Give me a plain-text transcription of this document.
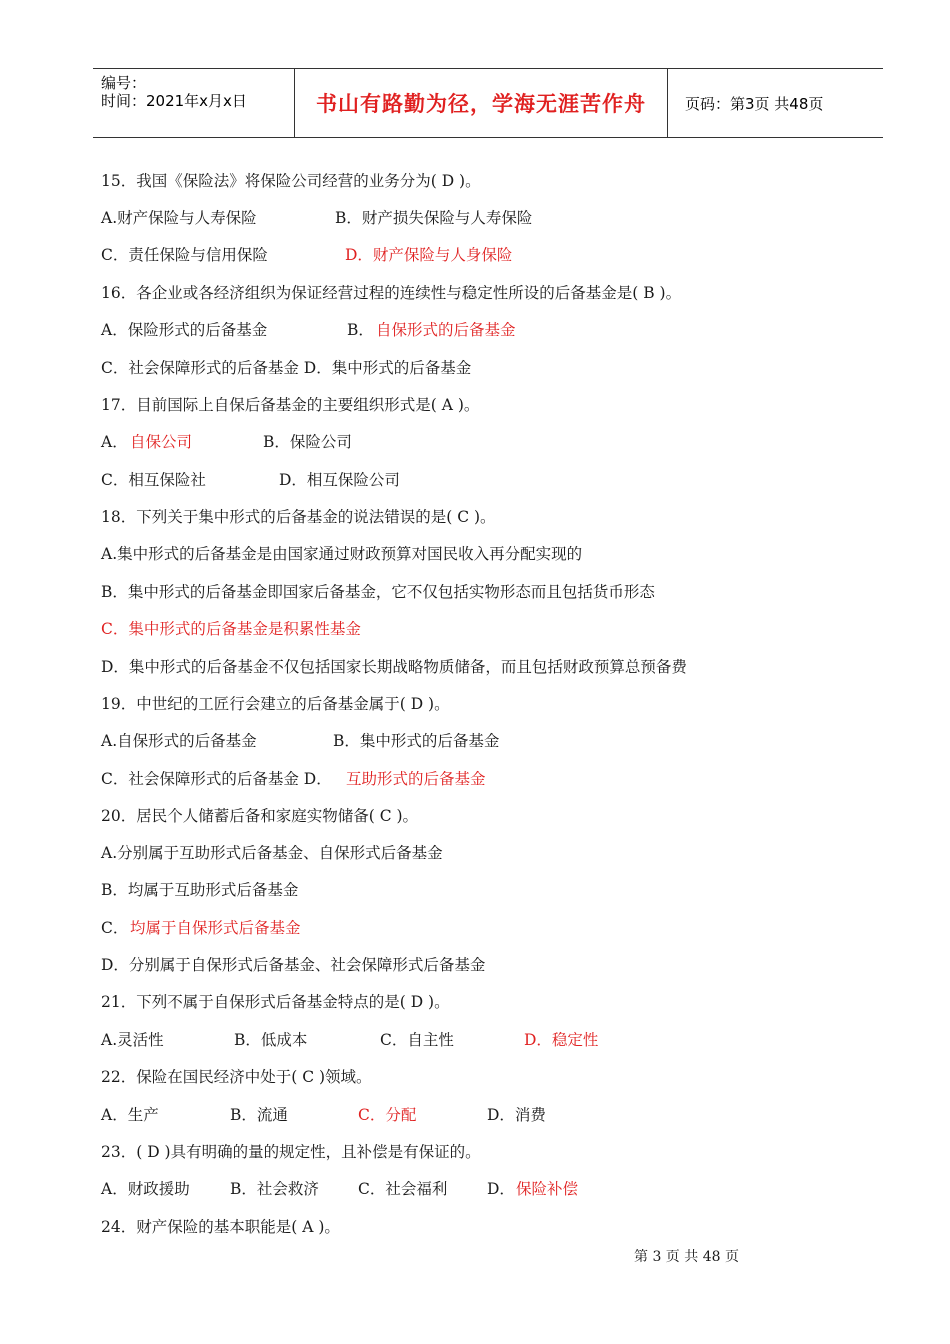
编号：
时间：2021年x月x日	书山有路勤为径，学海无涯苦作舟	页码：第3页 共48页
15．我国《保险法》将保险公司经营的业务分为( D )。
A.财产保险与人寿保险	B．财产损失保险与人寿保险
C．责任保险与信用保险	D．财产保险与人身保险
16．各企业或各经济组织为保证经营过程的连续性与稳定性所设的后备基金是( B )。
A．保险形式的后备基金	B． 自保形式的后备基金
C．社会保障形式的后备基金 D．集中形式的后备基金
17．目前国际上自保后备基金的主要组织形式是( A )。
A． 自保公司	B．保险公司
C．相互保险社	D．相互保险公司
18．下列关于集中形式的后备基金的说法错误的是( C )。
A.集中形式的后备基金是由国家通过财政预算对国民收入再分配实现的
B．集中形式的后备基金即国家后备基金，它不仅包括实物形态而且包括货币形态
C．集中形式的后备基金是积累性基金
D．集中形式的后备基金不仅包括国家长期战略物质储备，而且包括财政预算总预备费
19．中世纪的工匠行会建立的后备基金属于( D )。
A.自保形式的后备基金	B．集中形式的后备基金
C．社会保障形式的后备基金 D． 互助形式的后备基金
20．居民个人储蓄后备和家庭实物储备( C )。
A.分别属于互助形式后备基金、自保形式后备基金
B．均属于互助形式后备基金
C． 均属于自保形式后备基金
D．分别属于自保形式后备基金、社会保障形式后备基金
21．下列不属于自保形式后备基金特点的是( D )。
A.灵活性	B．低成本	C．自主性	D．稳定性
22．保险在国民经济中处于( C )领域。
A．生产	B．流通	C．分配	D．消费
23．( D )具有明确的量的规定性，且补偿是有保证的。
A．财政援助	B．社会救济	C．社会福利	D． 保险补偿
24．财产保险的基本职能是( A )。
第 3 页 共 48 页
